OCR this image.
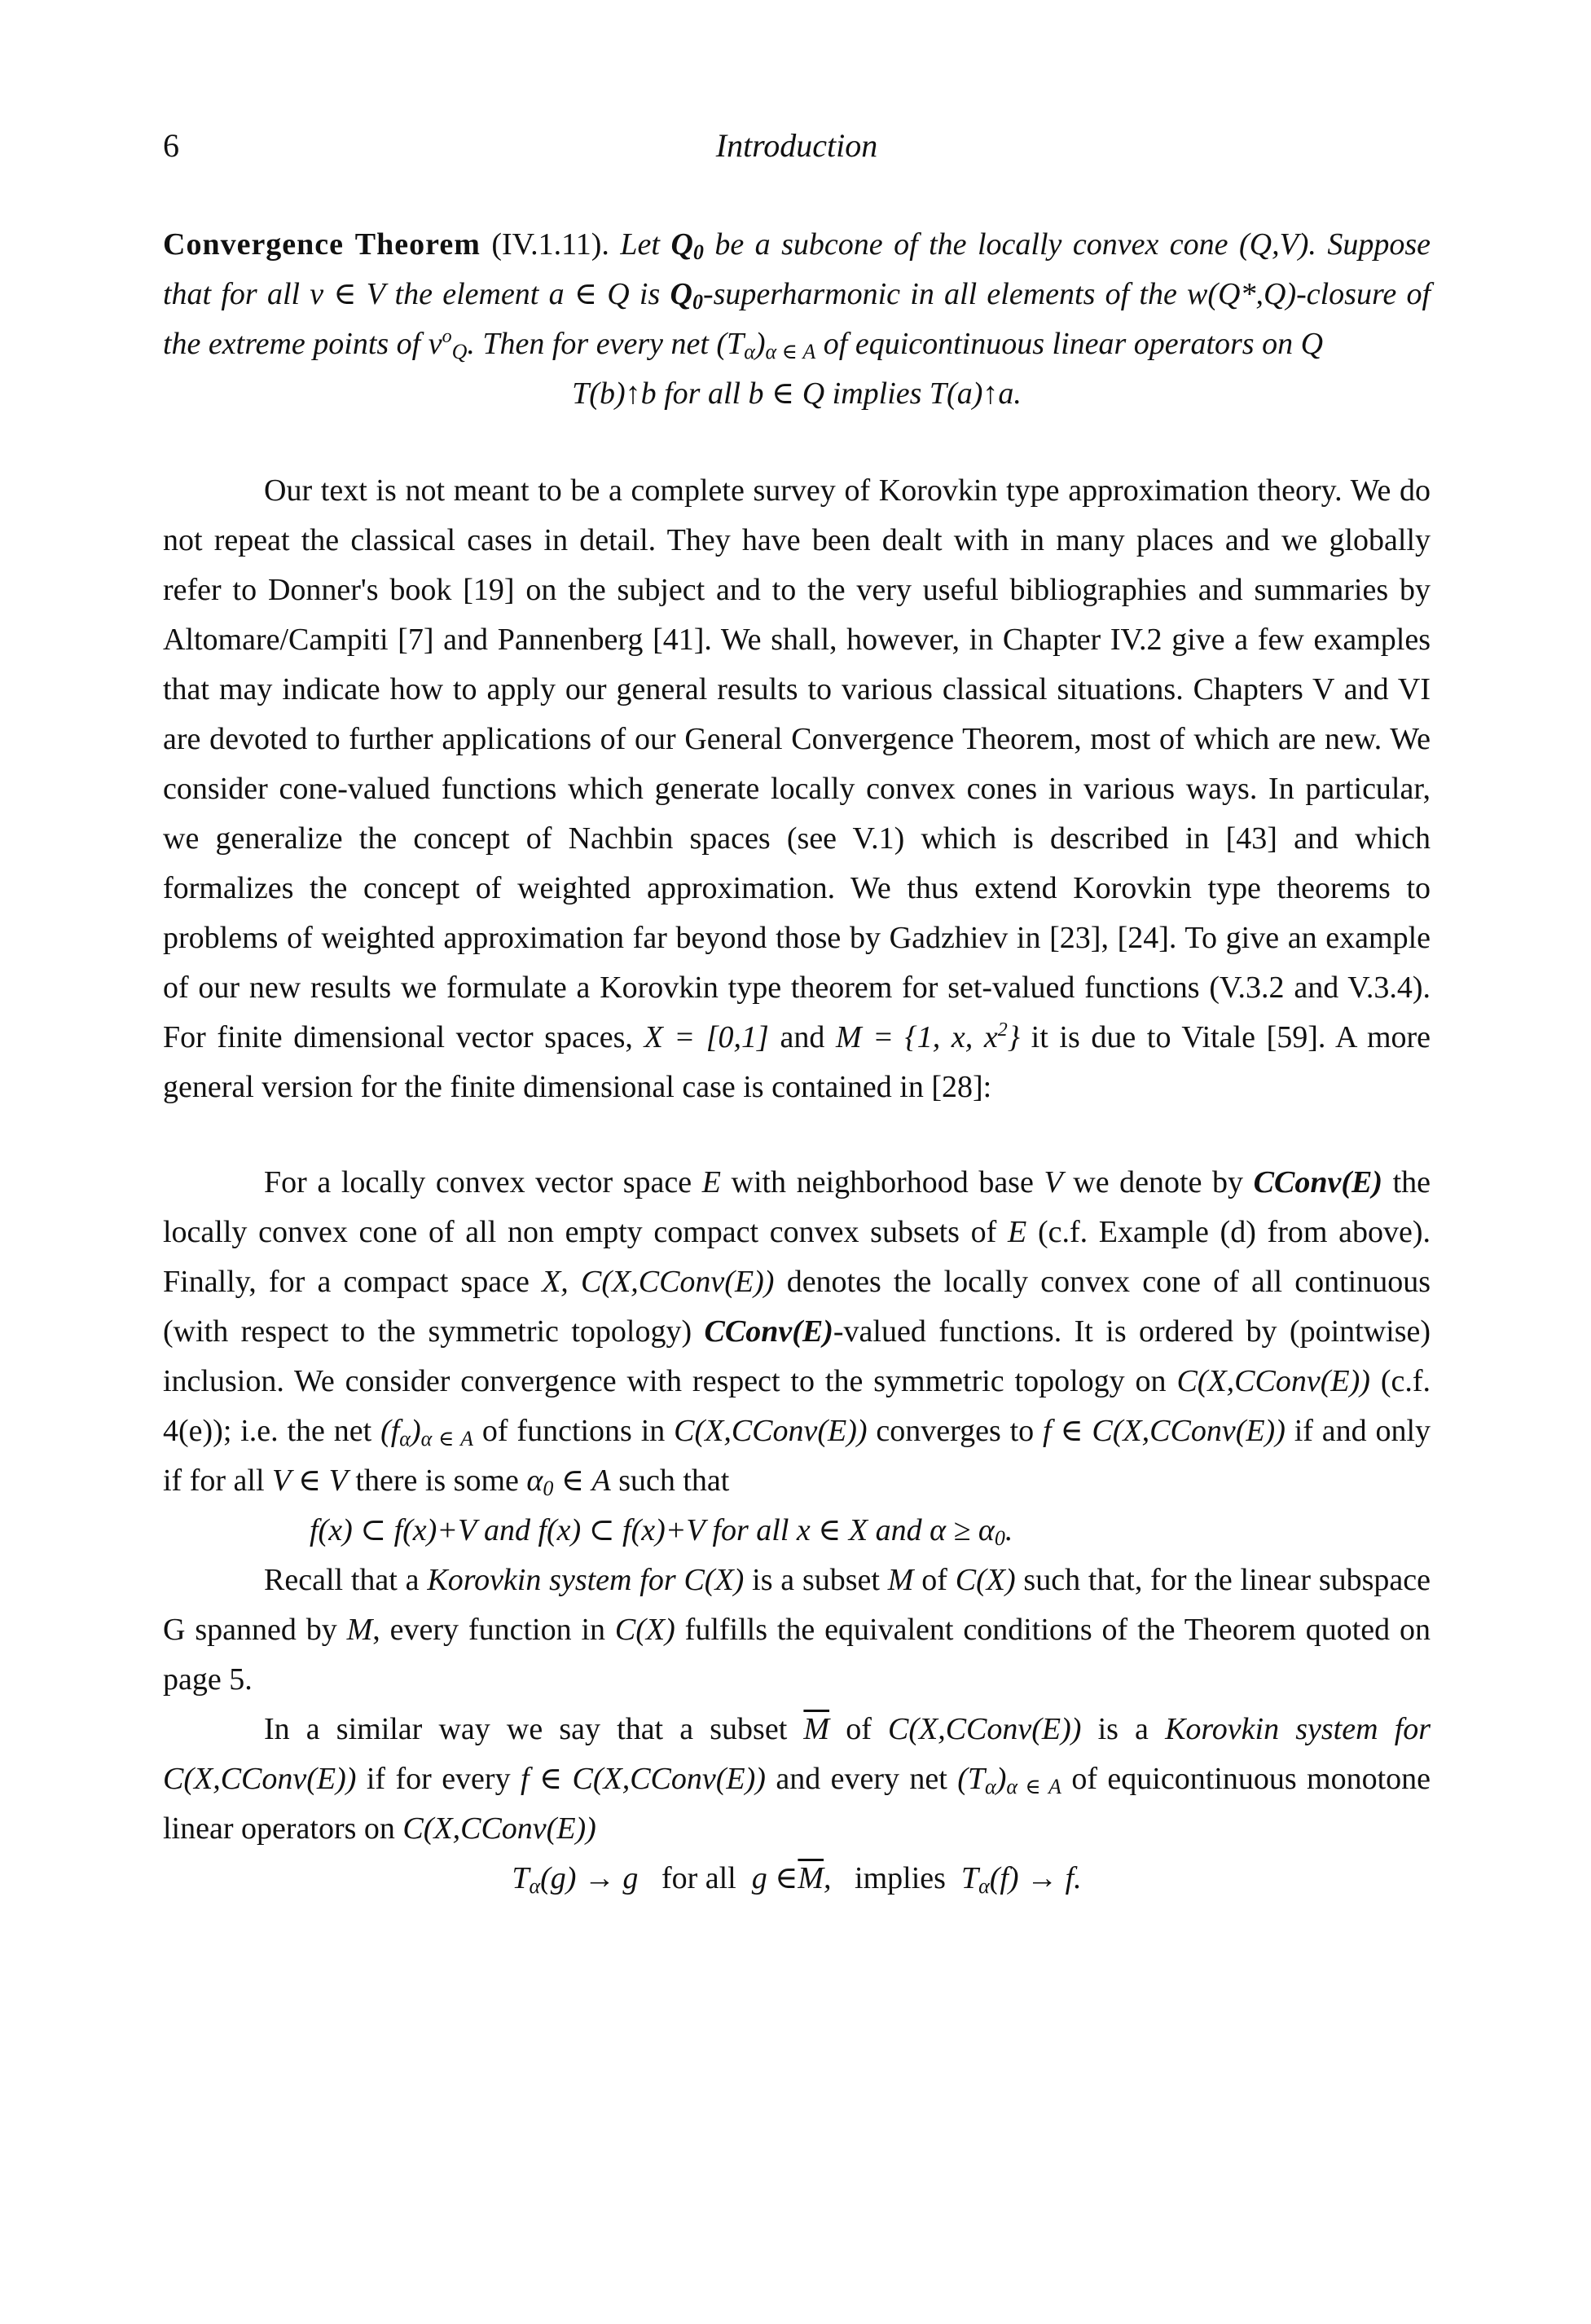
6	Introduction

Convergence Theorem (IV.1.11). Let $Q_0$ be a subcone of the locally convex cone (Q,V). Suppose that for all v ∈ V the element a ∈ Q is $Q_0$-superharmonic in all elements of the w(Q*,Q)-closure of the extreme points of $v^o_Q$. Then for every net $(T_\alpha)_{\alpha \in A}$ of equicontinuous linear operators on Q

T(b)↑b for all b ∈ Q implies T(a)↑a.

Our text is not meant to be a complete survey of Korovkin type approximation theory. We do not repeat the classical cases in detail. They have been dealt with in many places and we globally refer to Donner's book [19] on the subject and to the very useful bibliographies and summaries by Altomare/Campiti [7] and Pannenberg [41]. We shall, however, in Chapter IV.2 give a few examples that may indicate how to apply our general results to various classical situations. Chapters V and VI are devoted to further applications of our General Convergence Theorem, most of which are new. We consider cone-valued functions which generate locally convex cones in various ways. In particular, we generalize the concept of Nachbin spaces (see V.1) which is described in [43] and which formalizes the concept of weighted approximation. We thus extend Korovkin type theorems to problems of weighted approximation far beyond those by Gadzhiev in [23], [24]. To give an example of our new results we formulate a Korovkin type theorem for set-valued functions (V.3.2 and V.3.4). For finite dimensional vector spaces, X = [0,1] and M = {1, x, $x^2$} it is due to Vitale [59]. A more general version for the finite dimensional case is contained in [28]:

For a locally convex vector space E with neighborhood base V we denote by CConv(E) the locally convex cone of all non empty compact convex subsets of E (c.f. Example (d) from above). Finally, for a compact space X, C(X,CConv(E)) denotes the locally convex cone of all continuous (with respect to the symmetric topology) CConv(E)-valued functions. It is ordered by (pointwise) inclusion. We consider convergence with respect to the symmetric topology on C(X,CConv(E)) (c.f. 4(e)); i.e. the net $(f_\alpha)_{\alpha \in A}$ of functions in C(X,CConv(E)) converges to f ∈ C(X,CConv(E)) if and only if for all V ∈ V there is some $\alpha_0$ ∈ A such that

f(x) ⊂ f(x)+V and f(x) ⊂ f(x)+V for all x ∈ X and $\alpha \ge \alpha_0$.

Recall that a Korovkin system for C(X) is a subset M of C(X) such that, for the linear subspace G spanned by M, every function in C(X) fulfills the equivalent conditions of the Theorem quoted on page 5.

In a similar way we say that a subset $\overline{M}$ of C(X,CConv(E)) is a Korovkin system for C(X,CConv(E)) if for every f ∈ C(X,CConv(E)) and every net $(T_\alpha)_{\alpha \in A}$ of equicontinuous monotone linear operators on C(X,CConv(E))

$T_\alpha(g) \to g$ for all g $\in\overline{M}$,   implies $T_\alpha(f) \to f$.
